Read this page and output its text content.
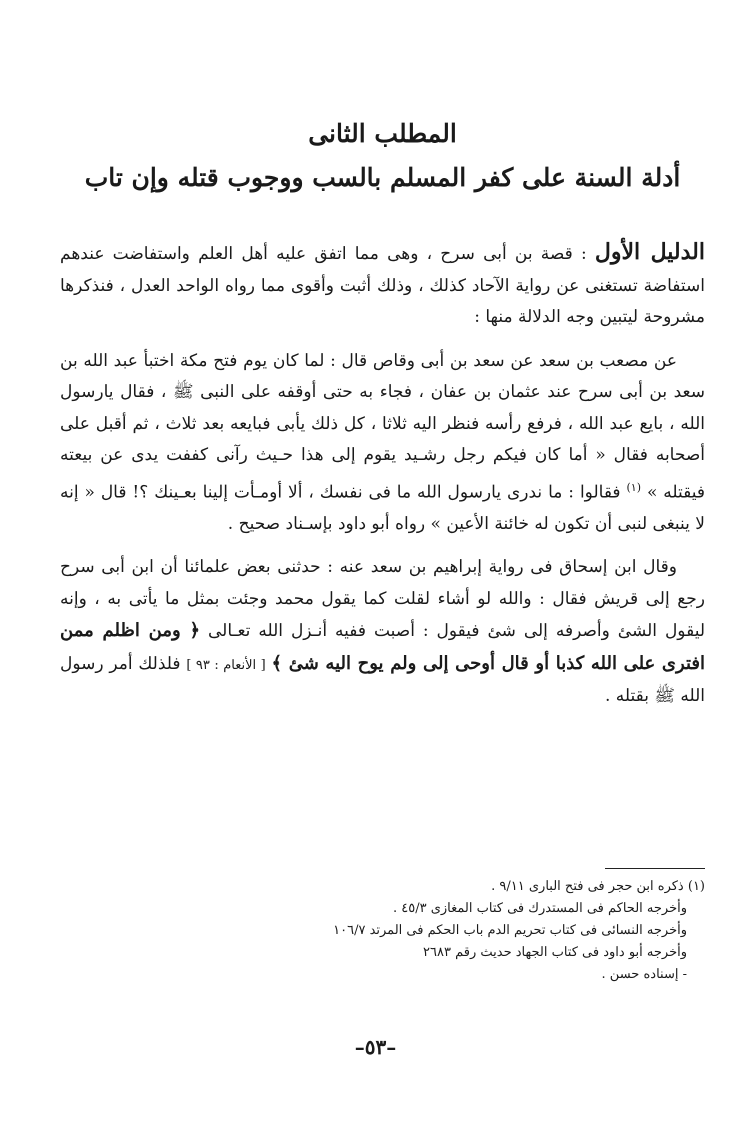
المطلب الثانى
أدلة السنة على كفر المسلم بالسب ووجوب قتله وإن تاب

الدليل الأول : قصة بن أبى سرح ، وهى مما اتفق عليه أهل العلم واستفاضت عندهم استفاضة تستغنى عن رواية الآحاد كذلك ، وذلك أثبت وأقوى مما رواه الواحد العدل ، فنذكرها مشروحة ليتبين وجه الدلالة منها :

عن مصعب بن سعد عن سعد بن أبى وقاص قال : لما كان يوم فتح مكة اختبأ عبد الله بن سعد بن أبى سرح عند عثمان بن عفان ، فجاء به حتى أوقفه على النبى ﷺ ، فقال يارسول الله ، بايع عبد الله ، فرفع رأسه فنظر اليه ثلاثا ، كل ذلك يأبى فبايعه بعد ثلاث ، ثم أقبل على أصحابه فقال « أما كان فيكم رجل رشـيد يقوم إلى هذا حـيث رآنى كففت يدى عن بيعته فيقتله » $^{(١)}$ فقالوا : ما ندرى يارسول الله ما فى نفسك ، ألا أومـأت إلينا بعـينك ؟! قال « إنه لا ينبغى لنبى أن تكون له خائنة الأعين » رواه أبو داود بإسـناد صحيح .

وقال ابن إسحاق فى رواية إبراهيم بن سعد عنه : حدثنى بعض علمائنا أن ابن أبى سرح رجع إلى قريش فقال : والله لو أشاء لقلت كما يقول محمد وجئت بمثل ما يأتى به ، وإنه ليقول الشئ وأصرفه إلى شئ فيقول : أصبت ففيه أنـزل الله تعـالى ﴿ ومن اظلم ممن افترى على الله كذبا أو قال أوحى إلى ولم يوح اليه شئ ﴾ [ الأنعام : ٩٣ ] فلذلك أمر رسول الله ﷺ بقتله .

(١) ذكره ابن حجر فى فتح البارى ٩/١١ .
وأخرجه الحاكم فى المستدرك فى كتاب المغازى ٤٥/٣ .
وأخرجه النسائى فى كتاب تحريم الدم باب الحكم فى المرتد ١٠٦/٧
وأخرجه أبو داود فى كتاب الجهاد حديث رقم ٢٦٨٣
- إسناده حسن .
–٥٣–
